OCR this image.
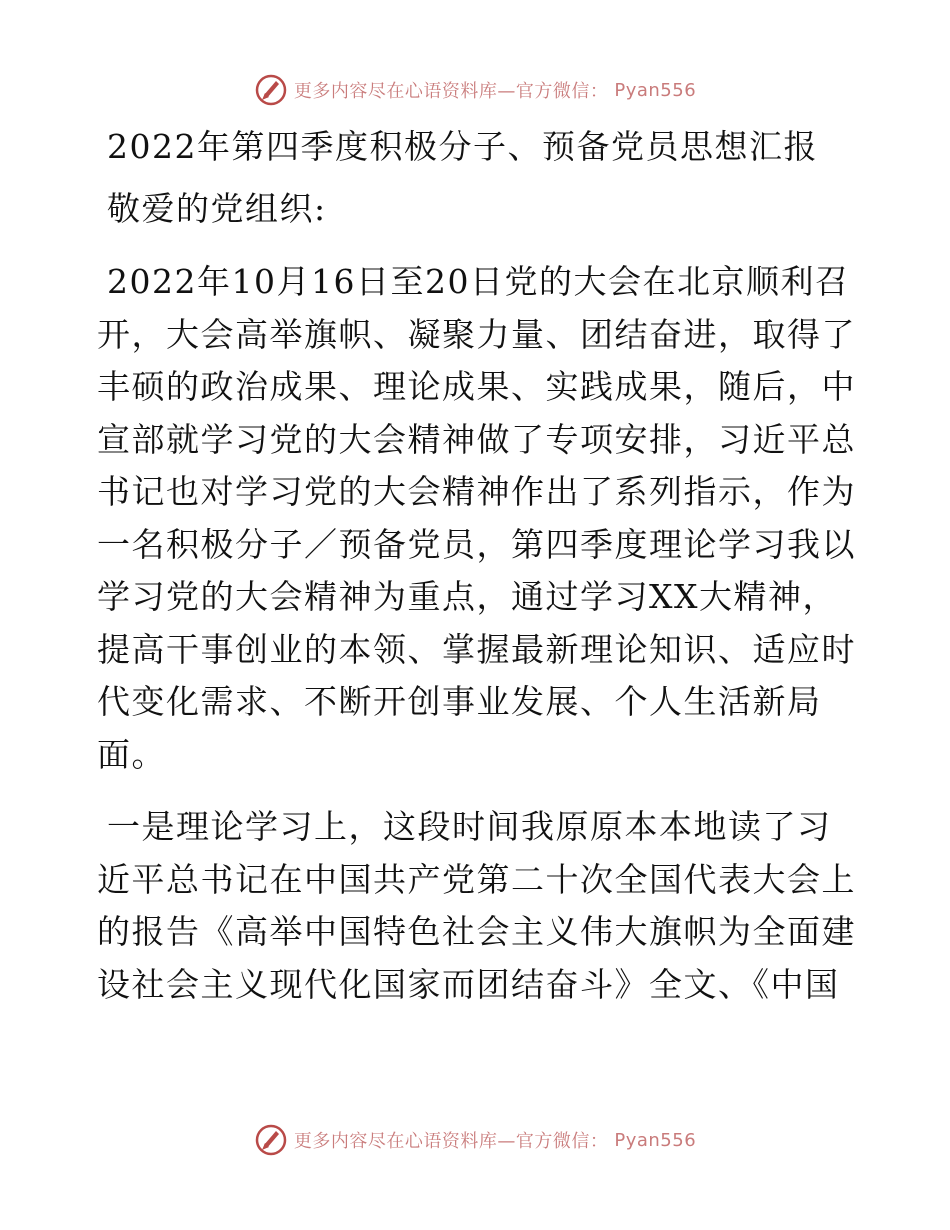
更多内容尽在心语资料库—官方微信： Pyan556
2022年第四季度积极分子、预备党员思想汇报

敬爱的党组织:

2022年10月16日至20日党的大会在北京顺利召开，大会高举旗帜、凝聚力量、团结奋进，取得了丰硕的政治成果、理论成果、实践成果，随后，中宣部就学习党的大会精神做了专项安排，习近平总书记也对学习党的大会精神作出了系列指示，作为一名积极分子／预备党员，第四季度理论学习我以学习党的大会精神为重点，通过学习XX大精神，提高干事创业的本领、掌握最新理论知识、适应时代变化需求、不断开创事业发展、个人生活新局面。

一是理论学习上，这段时间我原原本本地读了习近平总书记在中国共产党第二十次全国代表大会上的报告《高举中国特色社会主义伟大旗帜为全面建设社会主义现代化国家而团结奋斗》全文、《中国

更多内容尽在心语资料库—官方微信： Pyan556
